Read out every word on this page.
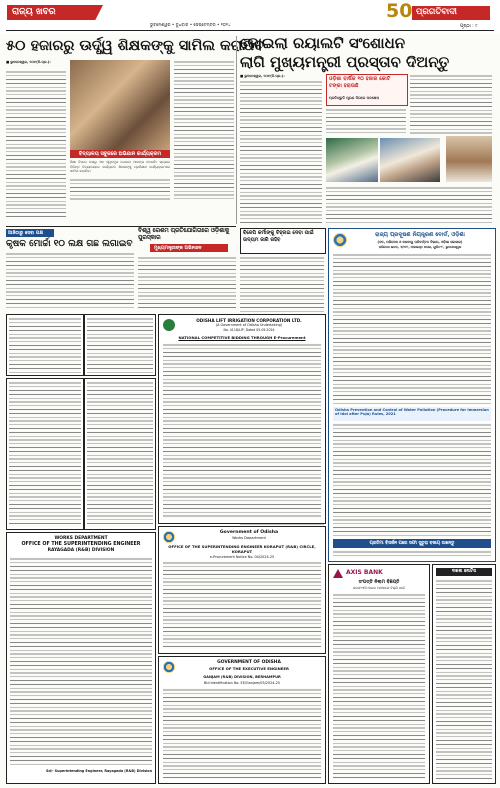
ରାଜ୍ୟ ଖବର
ଭୁବନେଶ୍ୱର • ବୁଧବାର • ସେପ୍ଟେମ୍ବର • ୨୦୨୪
50 ପ୍ରଗତିବାଦୀ
ପୃଷ୍ଠା : ୯
୫୦ ହଜାରରୁ ଊର୍ଦ୍ଧ୍ୱ ଶିକ୍ଷକଙ୍କୁ ସାମିଲ କରାଯିବ
କୋଇଲା ରୟାଲଟି ସଂଶୋଧନ
ଲାଗି ମୁଖ୍ୟମନ୍ତ୍ରୀ ପ୍ରସ୍ତାବ ଦିଅନ୍ତୁ
■ ଭୁବନେଶ୍ୱର, ୧୦ା୯(ନି.ପ୍ର.):
ବିଦ୍ୟାଳୟ ସବୁଜରେ ଅଭିଯାନ କାର୍ଯ୍ୟକ୍ରମ
ଶିକ୍ଷା ବିଭାଗ ପକ୍ଷରୁ ଏକ ସ୍ୱତନ୍ତ୍ର ଯୋଜନା ଆରମ୍ଭ ହୋଇଛି। ରାଜ୍ୟର ବିଭିନ୍ନ ବିଦ୍ୟାଳୟରେ କାର୍ଯ୍ୟରତ ଶିକ୍ଷକଙ୍କୁ ପ୍ରଶିକ୍ଷଣ କାର୍ଯ୍ୟକ୍ରମରେ ସାମିଲ କରାଯିବ।
■ ଭୁବନେଶ୍ୱର, ୧୦ା୯(ନି.ପ୍ର.):	ଓଡ଼ିଶା ବାର୍ଷିକ ୧୦ ହଜାର କୋଟି ଟଙ୍କା ହରାଉଛି
ପ୍ରତିଶ୍ରୁତି ପୂରଣ ଦିଗରେ ପଦକ୍ଷେପ
ଆଜିଠାରୁ ସେବା ପକ୍ଷ
କୃଷକ ମୋର୍ଚ୍ଚା ୧୦ ଲକ୍ଷ ଗଛ ଲଗାଇବ
ବିଶ୍ୱ ରେଶମ ପ୍ରତିଯୋଗିତାରେ ଓଡ଼ିଶାକୁ ପୁରସ୍କାର
ମୁଖ୍ୟମନ୍ତ୍ରୀଙ୍କ ଅଭିନନ୍ଦନ
ବିଜେପି କର୍ମୀଙ୍କୁ ଚିହ୍ନାଇ ଦେବା ପାଇଁ ଉଦ୍ୟମ ଜାରି ରହିବ
ରାଜ୍ୟ ପ୍ରଦୂଷଣ ନିୟନ୍ତ୍ରଣ ବୋର୍ଡ, ଓଡ଼ିଶା
(ବନ, ପରିବେଶ ଓ ଜଳବାୟୁ ପରିବର୍ତ୍ତନ ବିଭାଗ, ଓଡ଼ିଶା ସରକାର)
ପରିବେଶ ଭବନ, ଏ/୧୧୮, ନୀଳକଣ୍ଠ ନଗର, ୟୁନିଟ-୮, ଭୁବନେଶ୍ୱର
Odisha Prevention and Control of Water Pollution (Procedure for Immersion of Idol after Puja) Rules, 2021
ପ୍ରତିମା ବିସର୍ଜନ ପରେ ସଫା ସୁତୁରା ବଜାୟ ରଖନ୍ତୁ
ODISHA LIFT IRRIGATION CORPORATION LTD.
(A Government of Odisha Undertaking)
No. 4118/LIP, Dated 05.09.2024
NATIONAL COMPETITIVE BIDDING THROUGH E-Procurement
WORKS DEPARTMENT
OFFICE OF THE SUPERINTENDING ENGINEER
RAYAGADA (R&B) DIVISION
Sd/- Superintending Engineer, Rayagada (R&B) Division
Government of Odisha
Works Department
OFFICE OF THE SUPERINTENDING ENGINEER KORAPUT (R&B) CIRCLE, KORAPUT
e-Procurement Notice No. 04/2024-25
GOVERNMENT OF ODISHA
OFFICE OF THE EXECUTIVE ENGINEER
GANJAM (R&B) DIVISION, BERHAMPUR
Bid Identification No. EE/Ganjam/05/2024-25
AXIS BANK
ସଂପତ୍ତି ନିଲାମ ବିଜ୍ଞପ୍ତି
ସରଫାଏସି ଆଇନ ଅଧୀନରେ ବିକ୍ରି ପାଇଁ
ଦଖଲ ନୋଟିସ
